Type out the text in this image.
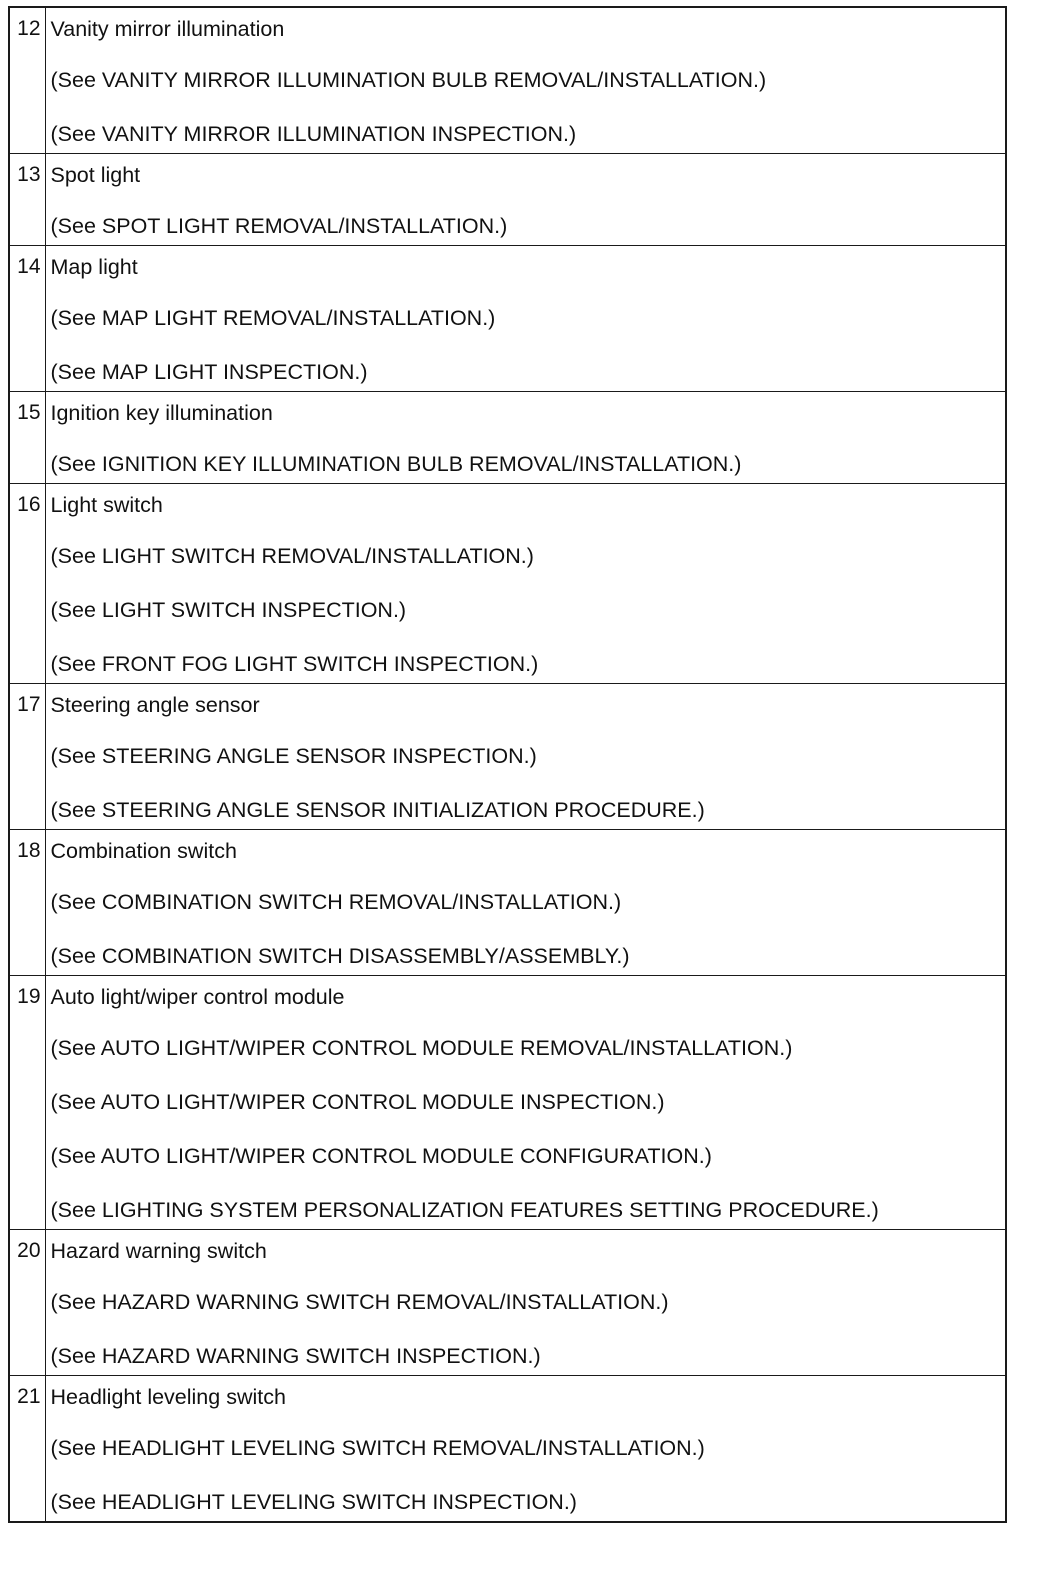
12	Vanity mirror illumination
(See VANITY MIRROR ILLUMINATION BULB REMOVAL/INSTALLATION.)
(See VANITY MIRROR ILLUMINATION INSPECTION.)

13	Spot light
(See SPOT LIGHT REMOVAL/INSTALLATION.)

14	Map light
(See MAP LIGHT REMOVAL/INSTALLATION.)
(See MAP LIGHT INSPECTION.)

15	Ignition key illumination
(See IGNITION KEY ILLUMINATION BULB REMOVAL/INSTALLATION.)

16	Light switch
(See LIGHT SWITCH REMOVAL/INSTALLATION.)
(See LIGHT SWITCH INSPECTION.)
(See FRONT FOG LIGHT SWITCH INSPECTION.)

17	Steering angle sensor
(See STEERING ANGLE SENSOR INSPECTION.)
(See STEERING ANGLE SENSOR INITIALIZATION PROCEDURE.)

18	Combination switch
(See COMBINATION SWITCH REMOVAL/INSTALLATION.)
(See COMBINATION SWITCH DISASSEMBLY/ASSEMBLY.)

19	Auto light/wiper control module
(See AUTO LIGHT/WIPER CONTROL MODULE REMOVAL/INSTALLATION.)
(See AUTO LIGHT/WIPER CONTROL MODULE INSPECTION.)
(See AUTO LIGHT/WIPER CONTROL MODULE CONFIGURATION.)
(See LIGHTING SYSTEM PERSONALIZATION FEATURES SETTING PROCEDURE.)

20	Hazard warning switch
(See HAZARD WARNING SWITCH REMOVAL/INSTALLATION.)
(See HAZARD WARNING SWITCH INSPECTION.)

21	Headlight leveling switch
(See HEADLIGHT LEVELING SWITCH REMOVAL/INSTALLATION.)
(See HEADLIGHT LEVELING SWITCH INSPECTION.)
